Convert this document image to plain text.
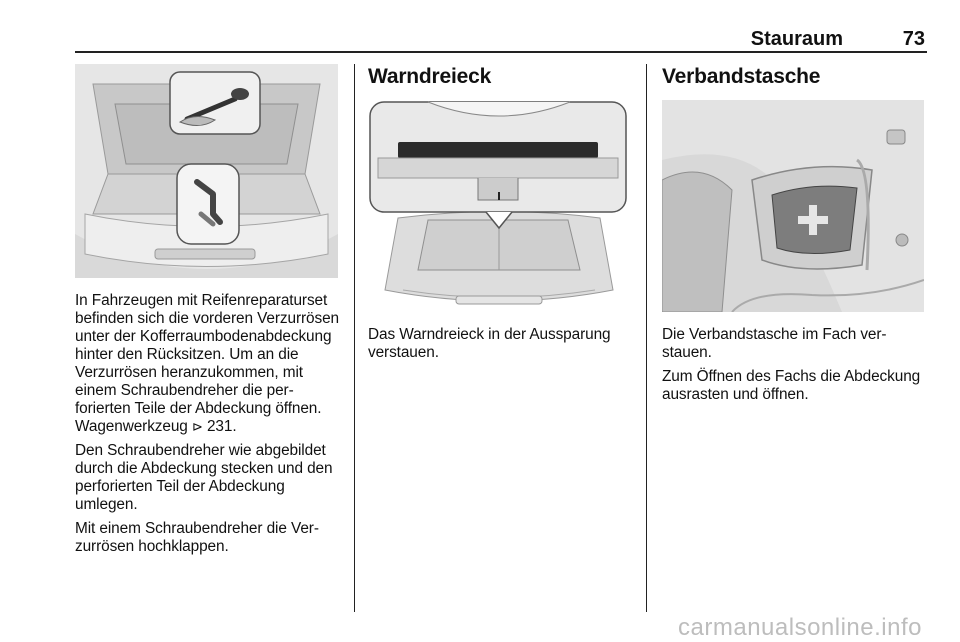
Stauraum	73

In Fahrzeugen mit Reifenreparaturset befinden sich die vorderen Verzurrösen unter der Kofferraumbodenabdeckung hinter den Rücksitzen. Um an die Verzurrösen heranzukommen, mit einem Schraubendreher die perforierten Teile der Abdeckung öffnen. Wagenwerkzeug ⊳ 231.

Den Schraubendreher wie abgebildet durch die Abdeckung stecken und den perforierten Teil der Abdeckung umlegen.

Mit einem Schraubendreher die Verzurrösen hochklappen.

Warndreieck

Das Warndreieck in der Aussparung verstauen.

Verbandstasche

Die Verbandstasche im Fach verstauen.

Zum Öffnen des Fachs die Abdeckung ausrasten und öffnen.

carmanualsonline.info
